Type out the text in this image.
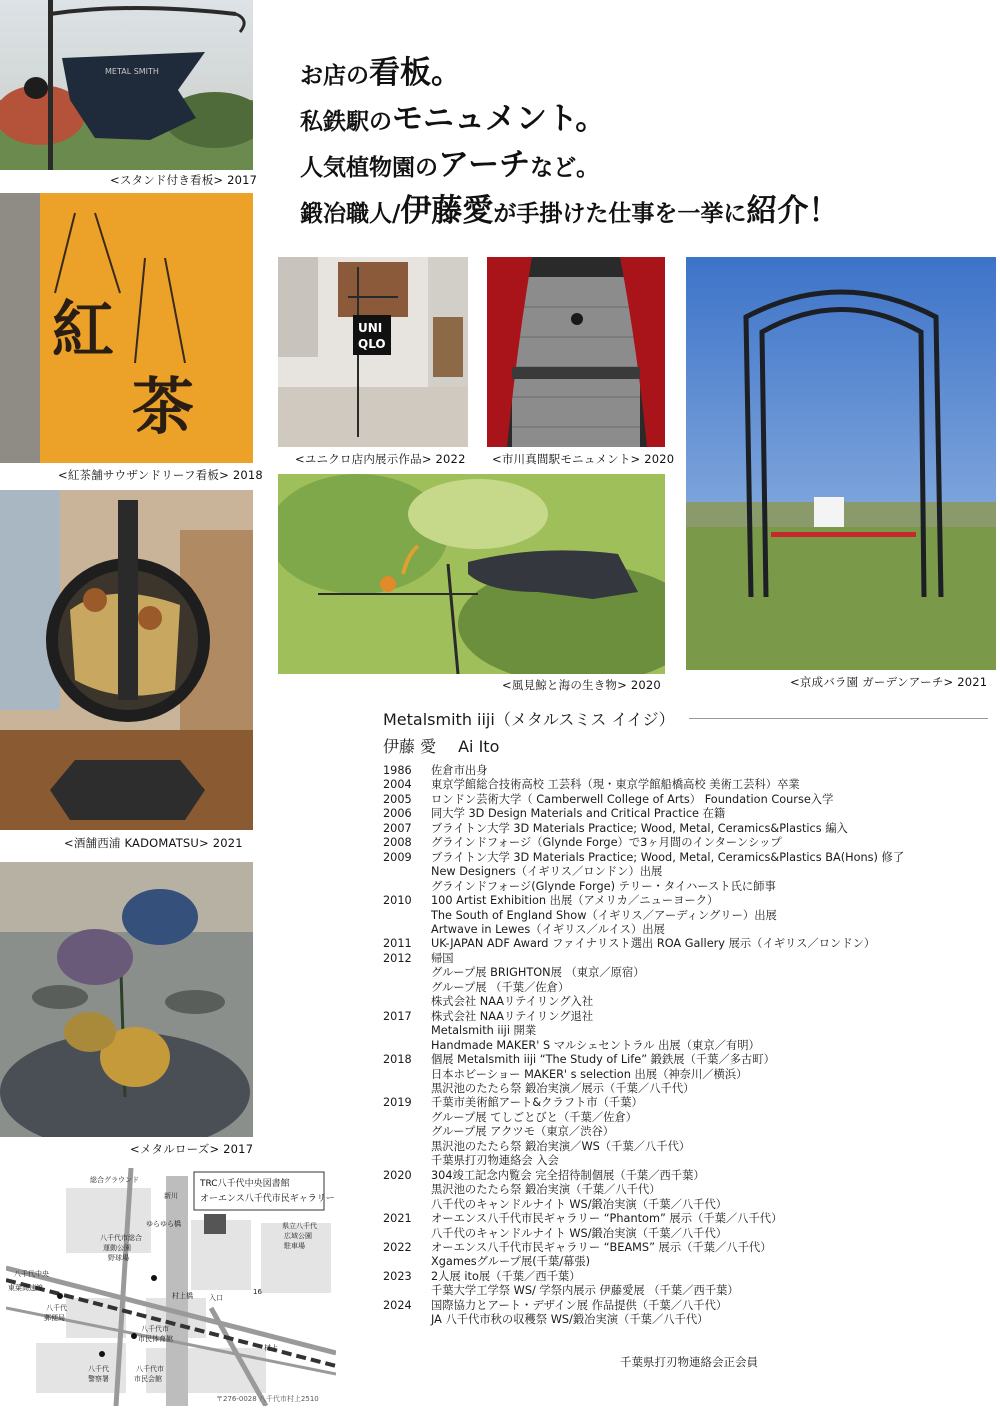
METAL SMITH
<スタンド付き看板> 2017
紅
茶
<紅茶舗サウザンドリーフ看板> 2018
<酒舗西浦 KADOMATSU> 2021
<メタルローズ> 2017
UNI
QLO
<ユニクロ店内展示作品> 2022 <市川真間駅モニュメント> 2020
<風見鯨と海の生き物> 2020	<京成バラ園 ガーデンアーチ> 2021
お店の看板。
私鉄駅のモニュメント。
人気植物園のアーチなど。
鍛冶職人/伊藤愛が手掛けた仕事を一挙に紹介！
Metalsmith iiji（メタルスミス イイジ）
伊藤 愛 Ai Ito
1986	佐倉市出身
2004	東京学館総合技術高校 工芸科（現・東京学館船橋高校 美術工芸科）卒業
2005	ロンドン芸術大学（ Camberwell College of Arts） Foundation Course入学
2006	同大学 3D Design Materials and Critical Practice 在籍
2007	ブライトン大学 3D Materials Practice; Wood, Metal, Ceramics&Plastics 編入
2008	グラインドフォージ（Glynde Forge）で3ヶ月間のインターンシップ
2009	ブライトン大学 3D Materials Practice; Wood, Metal, Ceramics&Plastics BA(Hons) 修了
New Designers（イギリス／ロンドン）出展
グラインドフォージ(Glynde Forge) テリー・タイハースト氏に師事
2010	100 Artist Exhibition 出展（アメリカ／ニューヨーク）
The South of England Show（イギリス／アーディングリー）出展
Artwave in Lewes（イギリス／ルイス）出展
2011	UK-JAPAN ADF Award ファイナリスト選出 ROA Gallery 展示（イギリス／ロンドン）
2012	帰国
グループ展 BRIGHTON展 （東京／原宿）
グループ展 （千葉／佐倉）
株式会社 NAAリテイリング入社
2017	株式会社 NAAリテイリング退社
Metalsmith iiji 開業
Handmade MAKER' S マルシェセントラル 出展（東京／有明）
2018	個展 Metalsmith iiji “The Study of Life” 鍛鉄展（千葉／多古町）
日本ホビーショー MAKER' s selection 出展（神奈川／横浜）
黒沢池のたたら祭 鍛冶実演／展示（千葉／八千代）
2019	千葉市美術館アート&クラフト市（千葉）
グループ展 てしごとびと（千葉／佐倉）
グループ展 アクツモ（東京／渋谷）
黒沢池のたたら祭 鍛冶実演／WS（千葉／八千代）
千葉県打刃物連絡会 入会
2020	304竣工記念内覧会 完全招待制個展（千葉／西千葉）
黒沢池のたたら祭 鍛冶実演（千葉／八千代）
八千代のキャンドルナイト WS/鍛冶実演（千葉／八千代）
2021	オーエンス八千代市民ギャラリー “Phantom” 展示（千葉／八千代）
八千代のキャンドルナイト WS/鍛冶実演（千葉／八千代）
2022	オーエンス八千代市民ギャラリー “BEAMS” 展示（千葉／八千代）
Xgamesグループ展(千葉/幕張)
2023	2人展 ito展（千葉／西千葉）
千葉大学工学祭 WS/ 学祭内展示 伊藤愛展 （千葉／西千葉）
2024	国際協力とアート・デザイン展 作品提供（千葉／八千代）
JA 八千代市秋の収穫祭 WS/鍛冶実演（千葉／八千代）
千葉県打刃物連絡会正会員
TRC八千代中央図書館
オーエンス八千代市民ギャラリー
総合グラウンド
新川
ゆらゆら橋
八千代市総合
運動公園
野球場
県立八千代
広域公園
駐車場
八千代中央
東葉高速線
村上橋 入口
16
八千代
郵便局
八千代市
市民体育館
八千代
警察署
八千代市
市民会館
村上
〒276-0028 八千代市村上2510
